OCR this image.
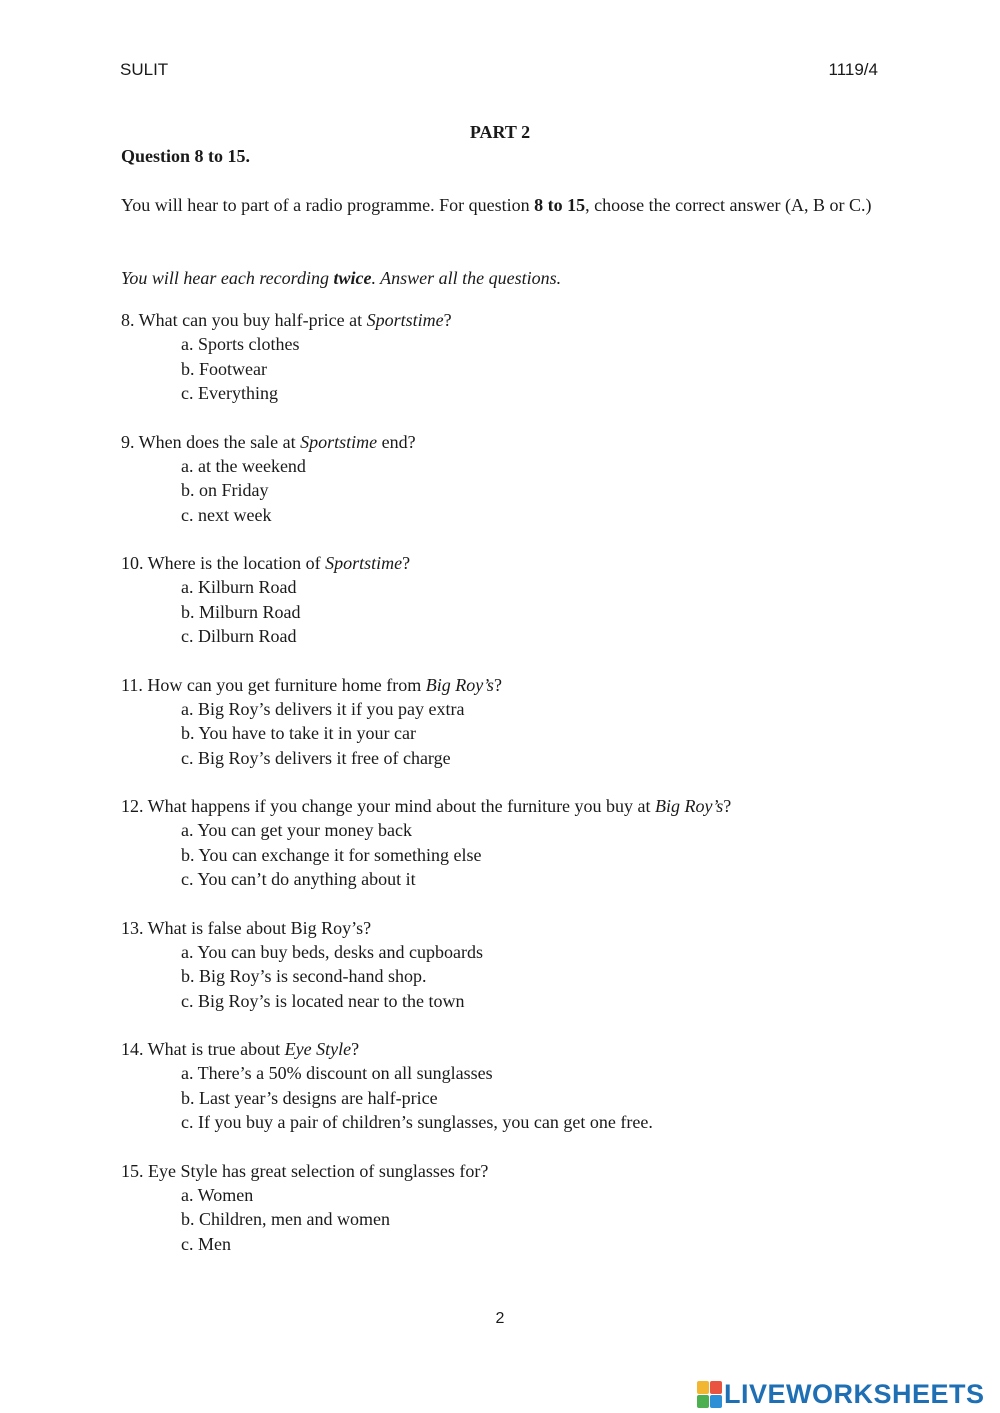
SULIT	1119/4
PART 2
Question 8 to 15.
You will hear to part of a radio programme. For question 8 to 15, choose the correct answer (A, B or C.)
You will hear each recording twice. Answer all the questions.
8. What can you buy half-price at Sportstime?
a. Sports clothes
b. Footwear
c. Everything
9. When does the sale at Sportstime end?
a. at the weekend
b. on Friday
c. next week
10. Where is the location of Sportstime?
a. Kilburn Road
b. Milburn Road
c. Dilburn Road
11. How can you get furniture home from Big Roy’s?
a. Big Roy’s delivers it if you pay extra
b. You have to take it in your car
c. Big Roy’s delivers it free of charge
12. What happens if you change your mind about the furniture you buy at Big Roy’s?
a. You can get your money back
b. You can exchange it for something else
c. You can’t do anything about it
13. What is false about Big Roy’s?
a. You can buy beds, desks and cupboards
b. Big Roy’s is second-hand shop.
c. Big Roy’s is located near to the town
14. What is true about Eye Style?
a. There’s a 50% discount on all sunglasses
b. Last year’s designs are half-price
c. If you buy a pair of children’s sunglasses, you can get one free.
15. Eye Style has great selection of sunglasses for?
a. Women
b. Children, men and women
c. Men
2
LIVEWORKSHEETS
